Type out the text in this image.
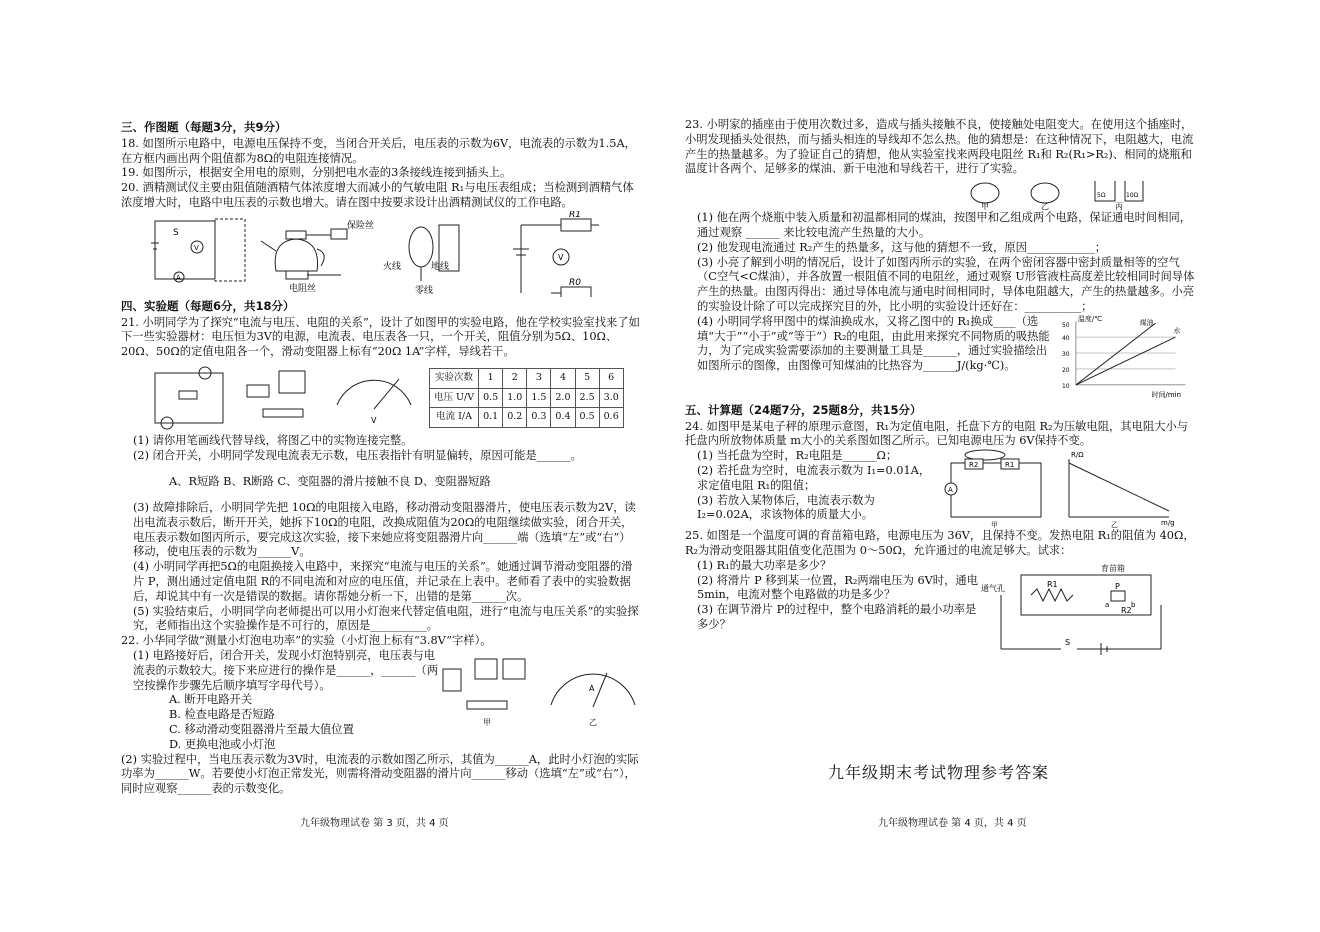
三、作图题（每题3分，共9分）

18. 如图所示电路中，电源电压保持不变，当闭合开关后，电压表的示数为6V，电流表的示数为1.5A，在方框内画出两个阻值都为8Ω的电阻连接情况。

19. 如图所示，根据安全用电的原则，分别把电水壶的3条接线连接到插头上。

20. 酒精测试仪主要由阻值随酒精气体浓度增大而减小的气敏电阻 R₁与电压表组成；当检测到酒精气体浓度增大时，电路中电压表的示数也增大。请在图中按要求设计出酒精测试仪的工作电路。

S
V
A
保险丝
电阻丝
火线	地线
零线
R1
R0
V
四、实验题（每题6分，共18分）

21. 小明同学为了探究“电流与电压、电阻的关系”，设计了如图甲的实验电路，他在学校实验室找来了如下一些实验器材：电压恒为3V的电源，电流表、电压表各一只，一个开关，阻值分别为5Ω、10Ω、20Ω、50Ω的定值电阻各一个，滑动变阻器上标有“20Ω 1A”字样，导线若干。

V
实验次数	1	2	3	4	5	6
电压 U/V	0.5	1.0	1.5	2.0	2.5	3.0
电流 I/A	0.1	0.2	0.3	0.4	0.5	0.6

(1) 请你用笔画线代替导线，将图乙中的实物连接完整。

(2) 闭合开关，小明同学发现电流表无示数，电压表指针有明显偏转，原因可能是______。

A、R短路 B、R断路 C、变阻器的滑片接触不良 D、变阻器短路

(3) 故障排除后，小明同学先把 10Ω的电阻接入电路，移动滑动变阻器滑片，使电压表示数为2V，读出电流表示数后，断开开关，她拆下10Ω的电阻，改换成阻值为20Ω的电阻继续做实验，闭合开关，电压表示数如图丙所示，要完成这次实验，接下来她应将变阻器滑片向______端（选填“左”或“右”）移动，使电压表的示数为______V。

(4) 小明同学再把5Ω的电阻换接入电路中，来探究“电流与电压的关系”。她通过调节滑动变阻器的滑片 P，测出通过定值电阻 R的不同电流和对应的电压值，并记录在上表中。老师看了表中的实验数据后，却说其中有一次是错误的数据。请你帮她分析一下，出错的是第______次。

(5) 实验结束后，小明同学向老师提出可以用小灯泡来代替定值电阻，进行“电流与电压关系”的实验探究，老师指出这个实验操作是不可行的，原因是__________。

22. 小华同学做“测量小灯泡电功率”的实验（小灯泡上标有“3.8V”字样）。

(1) 电路接好后，闭合开关，发现小灯泡特别亮，电压表与电流表的示数较大。接下来应进行的操作是______，______（两空按操作步骤先后顺序填写字母代号）。

A. 断开电路开关

B. 检查电路是否短路

C. 移动滑动变阻器滑片至最大值位置

D. 更换电池或小灯泡

A
甲	乙

(2) 实验过程中，当电压表示数为3V时，电流表的示数如图乙所示，其值为______A，此时小灯泡的实际功率为______W。若要使小灯泡正常发光，则需将滑动变阻器的滑片向______移动（选填“左”或“右”），同时应观察______表的示数变化。

九年级物理试卷 第 3 页，共 4 页

23. 小明家的插座由于使用次数过多，造成与插头接触不良，使接触处电阻变大。在使用这个插座时，小明发现插头处很热，而与插头相连的导线却不怎么热。他的猜想是：在这种情况下，电阻越大，电流产生的热量越多。为了验证自己的猜想，他从实验室找来两段电阻丝 R₁和 R₂(R₁>R₂)、相同的烧瓶和温度计各两个、足够多的煤油、新干电池和导线若干，进行了实验。

甲	乙	丙
5Ω	10Ω

(1) 他在两个烧瓶中装入质量和初温都相同的煤油，按图甲和乙组成两个电路，保证通电时间相同，通过观察 ______ 来比较电流产生热量的大小。

(2) 他发现电流通过 R₂产生的热量多，这与他的猜想不一致，原因____________；

(3) 小亮了解到小明的情况后，设计了如图丙所示的实验，在两个密闭容器中密封质量相等的空气（C空气<C煤油），并各放置一根阻值不同的电阻丝，通过观察 U形管液柱高度差比较相同时间导体产生的热量。由图丙得出：通过导体电流与通电时间相同时，导体电阻越大，产生的热量越多。小亮的实验设计除了可以完成探究目的外，比小明的实验设计还好在：__________；

(4) 小明同学将甲图中的煤油换成水，又将乙图中的 R₁换成____（选填“大于”“小于”或“等于”）R₂的电阻，由此用来探究不同物质的吸热能力，为了完成实验需要添加的主要测量工具是______，通过实验描绘出如图所示的图像，由图像可知煤油的比热容为______J/(kg·℃)。

煤油
水
温度/℃
时间/min
10
20
30
40
50
五、计算题（24题7分，25题8分，共15分）

24. 如图甲是某电子秤的原理示意图，R₁为定值电阻，托盘下方的电阻 R₂为压敏电阻，其电阻大小与托盘内所放物体质量 m大小的关系图如图乙所示。已知电源电压为 6V保持不变。

(1) 当托盘为空时，R₂电阻是______Ω；

(2) 若托盘为空时，电流表示数为 I₁=0.01A，求定值电阻 R₁的阻值；

(3) 若放入某物体后，电流表示数为 I₂=0.02A，求该物体的质量大小。

R2	R1
A
甲	乙
R/Ω
m/g

25. 如图是一个温度可调的育苗箱电路，电源电压为 36V，且保持不变。发热电阻 R₁的阻值为 40Ω，R₂为滑动变阻器其阻值变化范围为 0～50Ω，允许通过的电流足够大。试求：

(1) R₁的最大功率是多少？

(2) 将滑片 P 移到某一位置，R₂两端电压为 6V时，通电 5min，电流对整个电路做的功是多少？

(3) 在调节滑片 P的过程中，整个电路消耗的最小功率是多少？

育苗箱
通气孔	R1
R2
P
a	b
S
九年级期末考试物理参考答案
九年级物理试卷 第 4 页，共 4 页
